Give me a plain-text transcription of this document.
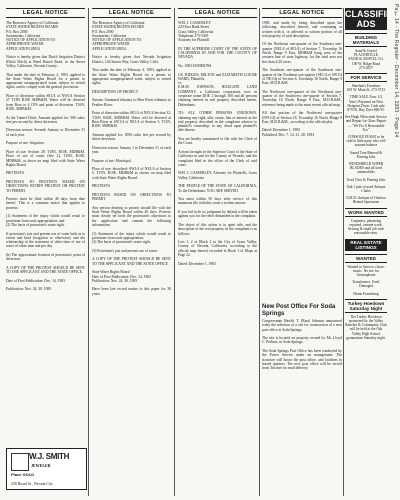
Page 14 - The Register - December 14, 1983 - Page 14
LEGAL NOTICE
The Resource Agency of California
STATE WATER RIGHTS BOARD
P.O. Box 2000
Sacramento, California
NOTICE OF APPLICATION TO
APPROPRIATE WATER
APPLICATION 28054

Notice is hereby given that Dutch Irrigation District (Ditch Ditch) at Bend Ranch Road, in the Sierra Valley, California, Nevada County:

That under the date of February 4, 1983, applied to the State Water Rights Board for a permit to appropriate unappropriated water, subject to vested rights, and to comply with the general provisions.

Place of diversion within SE1/4 of NW1/4 Section 27 T18N R10E MDB&M. Water will be diverted from Ross to 4 CFS and point of diversion. T16N, R10E, MDB&M.

At the Tunnel Ditch. Amount applied for: 500 cubic feet per second by direct diversion.

Diversion season: Seventh January to December 31 of each year.

Purpose of use: Irrigation.

Place of use: Section 28, T18N, R10E, MDB&M. Place of use of water (See 2), T16N, R10E, MDB&M, at down on map filed with State Water Rights Board.

PROTESTS

PROTESTS TO PROTESTS BASED ON OBJECTIONS WITHIN PROTEST OR PROTEST TO PERMIT.

Protests must be filed within 40 days from date hereof. This is a common notice that applies to protests.

(1) Statement of the injury which would result to protestant from such appropriation; and
(2) The basis of protestant's water right.

If protestant's just and present use of water both as to extent and kind (irrigation or otherwise), and the relationship of the statement of other time of use of water of other time and per day.

(b) The approximate location of protestant's point of diversion.

A COPY OF THE PROTEST SHOULD BE SENT TO THE APPLICANT AND THE STATE OFFICE.

Date of First Publication: Dec. 14, 1983

Publication: Nov. 24, 30, 1983
W.J. SMITH
JEWELER
Place GOLD
258 Broad St., Nevada City
LEGAL NOTICE
The Resource Agency of California
STATE WATER RIGHTS BOARD
P.O. Box 2000
Sacramento, California
NOTICE OF APPLICATION TO
APPROPRIATE WATER
APPLICATION 28054

Notice is hereby given that Nevada Irrigation District, 144 Sutton Way, Grass Valley, Calif.

That under the date of February 4, 1983, applied to the State Water Rights Board for a permit to appropriate unappropriated water, subject to vested rights.

DESCRIPTION OF PROJECT

Stream: Unnamed tributary to Bear River tributary to Feather River.

Point of diversion within SE1/4 of NE1/4 Section 32, T16N, R10E, MDB&M. Water will be diverted at Bear River at SW1/4 of NE1/4 of Section 3, T15N, R10E, MDB&M.

Amount applied for: 1000 cubic feet per second by direct diversion.

Diversion season: January 1 to December 31 of each year.

Purpose of use: Municipal.

Place of use: described: SW1/4 of NE1/4 of Section 5, T15N, R10E, MDB&M as shown on map filed with State Water Rights Board.

PROTESTS

PROTESTS BASED ON OBJECTIONS TO PERMIT.

Any person desiring to protest should file with the State Water Rights Board within 40 days. Protests must clearly set forth the protestant's objections to the application and contain the following information:

(1) Statement of the injury which would result to protestant from such appropriation;
(2) The basis of protestant's water right.

(3) Protestant's just and present use of water.

A COPY OF THE PROTEST SHOULD BE SENT TO THE APPLICANT AND THE STATE OFFICE.

State Water Rights Board
Date of First Publication: Dec. 14, 1983
Publication: Nov. 24, 30, 1983

Have been late record matter to this paper for 30 years.
LEGAL NOTICE
WM. J. CASSERLEY
220 East Bank Street
Grass Valley, California
Telephone 273-5403
Attorney for Plaintiff

IN THE SUPERIOR COURT OF THE STATE OF CALIFORNIA IN AND FOR THE COUNTY OF NEVADA

No. 1983 SUMMONS

J.K. RIDGES, MILTON and ELIZABETH LOUISE WARD, Plaintiffs,
vs.
E.M.M. JOHNSON, HILEGATE LAND COMPANY, a California corporation, now in corporate name DOE 1 through 100 and all persons claiming interest in real property described herein, Defendants.

TO: ALL OTHER PERSONS UNKNOWN, claiming any right, title, estate, lien or interest in the real property described in the complaint adverse to plaintiff's ownership, or any cloud upon plaintiff's title thereto.

You are hereby summoned to file with the Clerk of the Court.

Actions brought in the Superior Court of the State of California in and for the County of Nevada, and the complaint filed in the office of the Clerk of said court.

WM. J. CASSERLEY, Attorney for Plaintiffs, Grass Valley, California

THE PEOPLE OF THE STATE OF CALIFORNIA, To the Defendants: YOU ARE SERVED.

You must within 30 days after service of this summons file with this court a written answer.

If you fail to do so, judgment by default will be taken against you for the relief demanded in the complaint.

The object of this action is to quiet title, and the description of the real property in the complaint is as follows:

Lots 1, 2 of Block 2 in the City of Grass Valley, County of Nevada, California, according to the official map thereof recorded in Book 1 of Maps at Page 22.

Dated: December 1, 1983
LEGAL NOTICE
1983, and made by being described upon the following: described thereof, and continuing at written with it, or affected or written portion of all real property of said description.

Of the Northeast one-quarter of the Southeast one-quarter (NE1/4 of SE1/4) of Section 7, Township 16 North, Range 9 East, MDB&M lying west of the western line of state highway, for the total area not less than 6.20 acres.

The Southeast one-quarter of the Southwest one-quarter of the Northeast one-quarter (SE1/4 of SW1/4 of NE1/4) of Section 6, Township 16 North, Range 9 East, M.D.B.&M.

The Northwest one-quarter of the Northwest one-quarter of the Southwest one-quarter of Section 7, Township 16 North, Range 9 East, M.D.B.&M., reference being made to the most recent official map.

All that portion of the Northwest one-quarter (NW1/4) of Section 18, Township 16 North, Range 9 East, M.D.B.&M., according to the official plat.

Dated: December 1, 1983
Published: Dec. 7, 14, 21, 28, 1983
New Post Office For Soda Springs
Congressman Harold T. (Bizz) Johnson announced today the selection of a site for construction of a new post office at Soda Springs.

The site is located on property owned by Mr. Lloyd C. Perkins, in Soda Springs.

The Soda Springs Post Office has been conducted by the Forest Service under an arrangement. The structure will house the post office, and facilities in leased quarters. The new post office will be served from Truckee for mail delivery.
CLASSIFIED ADS
BUILDING MATERIALS
Sand & Gravel
PLACERVILLE
SAND & GRAVEL CO.
100 W. Ridge Road
273-4557
FOR SERVICE
Sheehan's Furniture
601 W. Main St. 273-5723
TIME SALE Now. 1/2 Year's Payment on New Hotpoint Dryer. Cash sale $79.95, Buy Dyer $69.95.
See Hugh Whitcomb Service and Repair for Glass Repair — "We Fix It Reasonable Too"
CONSOLE PIANO to be sold to little party who will assume balance
Sound True Retread & Pouring Jobs
WINDSHIELD WIPER BLADES and all used automobiles
Used Tires & Pouring Jobs
Oak 1 pair of used Antique Chairs
GOLD: Antique of Outdoor Heated Sportsmen
WORK WANTED
Carpentry, plastering repaired, cement work. Sewing & small job with reasonable rates.
REAL ESTATE LISTINGS
WANTED
Wanted to listen to classic music. No use for Gramophone
Transformer, Used, Damaged
Home Furnishing
Turkey Hoedown Saturday Night
The Turkey Hoedown sponsored by the Valley Rancher & Community Club will be held at the Oak Valley High School gymnasium Saturday night.
